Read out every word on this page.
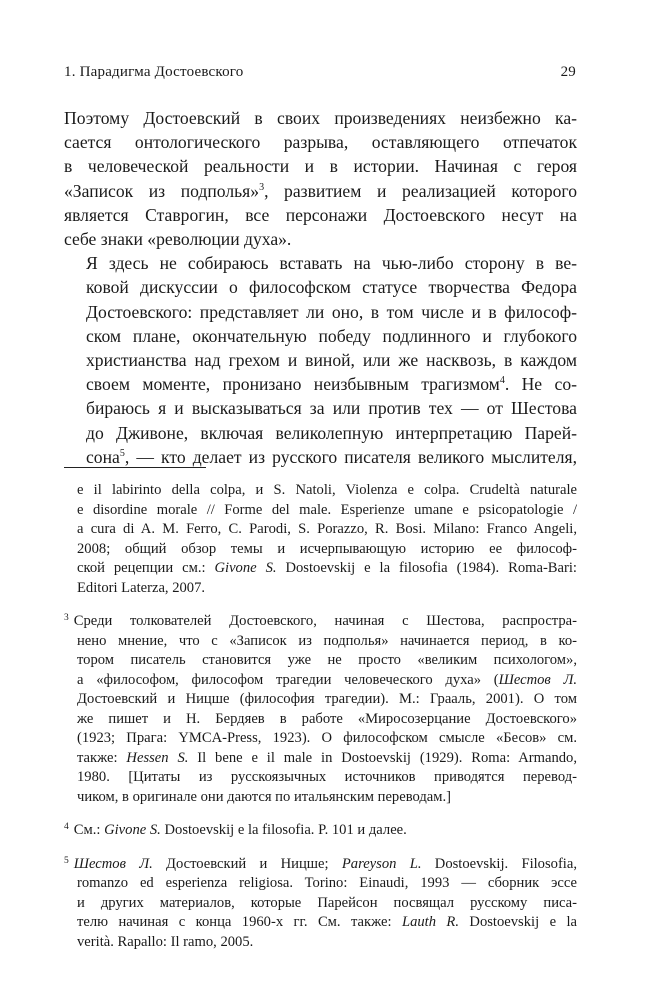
1. Парадигма Достоевского	29

Поэтому Достоевский в своих произведениях неизбежно ка-
сается онтологического разрыва, оставляющего отпечаток
в человеческой реальности и в истории. Начиная с героя
«Записок из подполья»$^3$, развитием и реализацией которого
является Ставрогин, все персонажи Достоевского несут на
себе знаки «революции духа».

Я здесь не собираюсь вставать на чью-либо сторону в ве-
ковой дискуссии о философском статусе творчества Федора
Достоевского: представляет ли оно, в том числе и в философ-
ском плане, окончательную победу подлинного и глубокого
христианства над грехом и виной, или же насквозь, в каждом
своем моменте, пронизано неизбывным трагизмом$^4$. Не со-
бираюсь я и высказываться за или против тех — от Шестова
до Дживоне, включая великолепную интерпретацию Парей-
сона$^5$, — кто делает из русского писателя великого мыслителя,

e il labirinto della colpa, и S. Natoli, Violenza e colpa. Crudeltà naturale
e disordine morale // Forme del male. Esperienze umane e psicopatologie /
a cura di A. M. Ferro, C. Parodi, S. Porazzo, R. Bosi. Milano: Franco Angeli,
2008; общий обзор темы и исчерпывающую историю ее философ-
ской рецепции см.: Givone S. Dostoevskij e la filosofia (1984). Roma-Bari:
Editori Laterza, 2007.
$^3$ Среди толкователей Достоевского, начиная с Шестова, распростра-
нено мнение, что с «Записок из подполья» начинается период, в ко-
тором писатель становится уже не просто «великим психологом»,
а «философом, философом трагедии человеческого духа» (Шестов Л.
Достоевский и Ницше (философия трагедии). М.: Грааль, 2001). О том
же пишет и Н. Бердяев в работе «Миросозерцание Достоевского»
(1923; Прага: YMCA-Press, 1923). О философском смысле «Бесов» см.
также: Hessen S. Il bene e il male in Dostoevskij (1929). Roma: Armando,
1980. [Цитаты из русскоязычных источников приводятся перевод-
чиком, в оригинале они даются по итальянским переводам.]
$^4$ См.: Givone S. Dostoevskij e la filosofia. P. 101 и далее.
$^5$ Шестов Л. Достоевский и Ницше; Pareyson L. Dostoevskij. Filosofia,
romanzo ed esperienza religiosa. Torino: Einaudi, 1993 — сборник эссе
и других материалов, которые Парейсон посвящал русскому писа-
телю начиная с конца 1960-х гг. См. также: Lauth R. Dostoevskij e la
verità. Rapallo: Il ramo, 2005.
